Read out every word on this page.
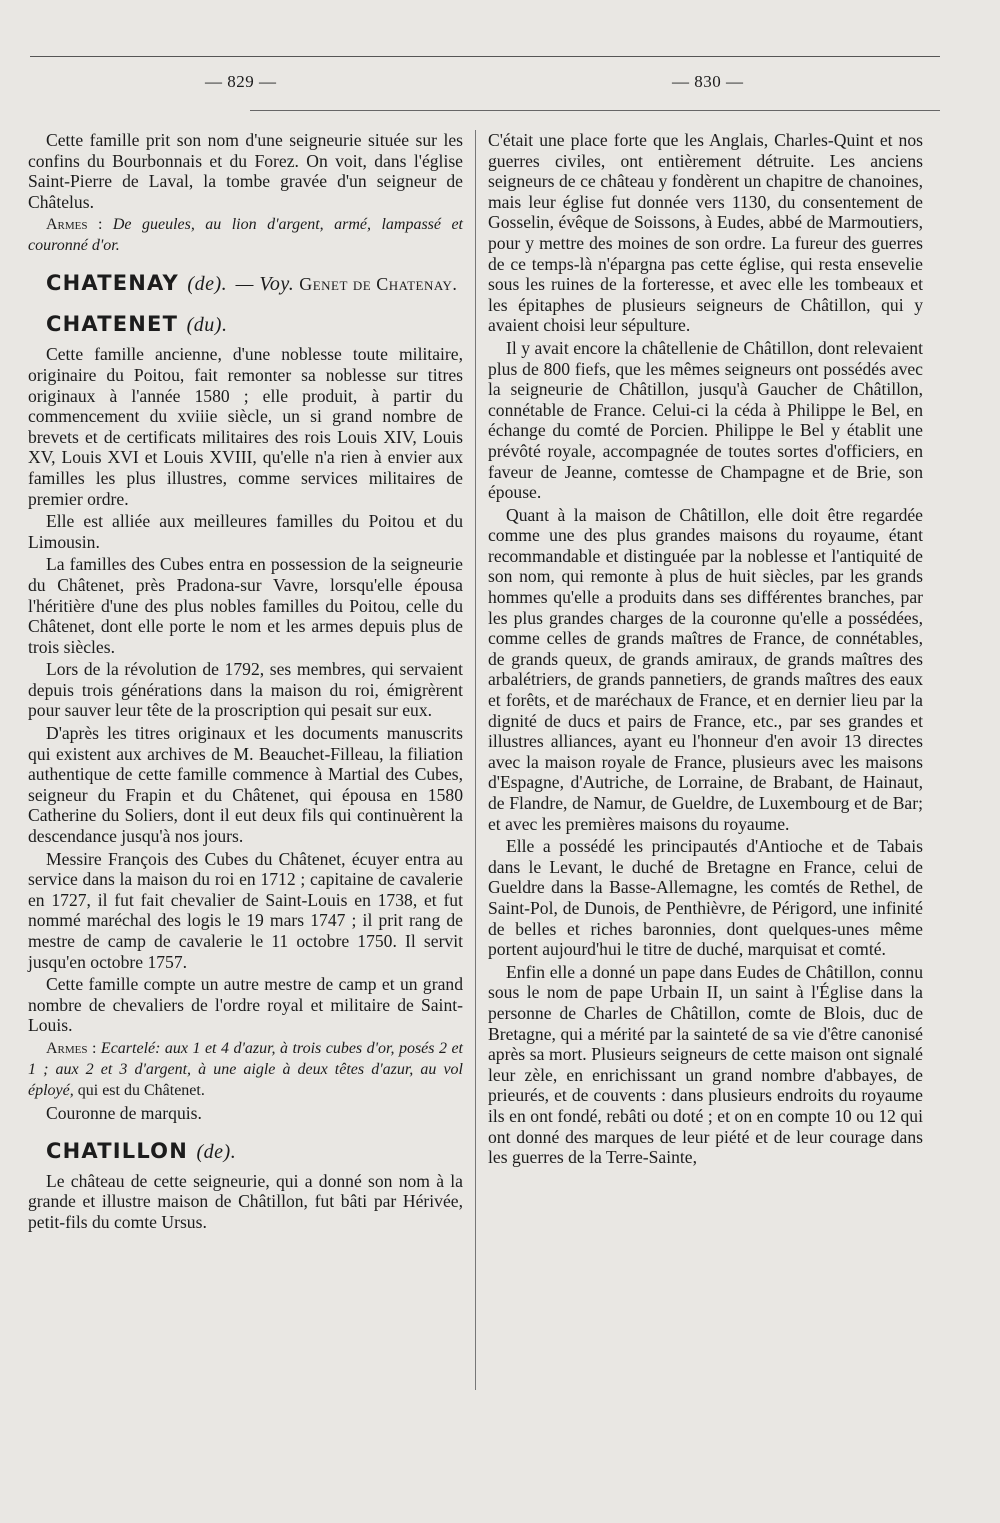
— 829 —	— 830 —

Cette famille prit son nom d'une seigneurie située sur les confins du Bourbonnais et du Forez. On voit, dans l'église Saint-Pierre de Laval, la tombe gravée d'un seigneur de Châtelus.

Armes : De gueules, au lion d'argent, armé, lampassé et couronné d'or.

CHATENAY (de). — Voy. Genet de Chatenay.
CHATENET (du).

Cette famille ancienne, d'une noblesse toute militaire, originaire du Poitou, fait remonter sa noblesse sur titres originaux à l'année 1580 ; elle produit, à partir du commencement du xviiie siècle, un si grand nombre de brevets et de certificats militaires des rois Louis XIV, Louis XV, Louis XVI et Louis XVIII, qu'elle n'a rien à envier aux familles les plus illustres, comme services militaires de premier ordre.

Elle est alliée aux meilleures familles du Poitou et du Limousin.

La familles des Cubes entra en possession de la seigneurie du Châtenet, près Pradona-sur Vavre, lorsqu'elle épousa l'héritière d'une des plus nobles familles du Poitou, celle du Châtenet, dont elle porte le nom et les armes depuis plus de trois siècles.

Lors de la révolution de 1792, ses membres, qui servaient depuis trois générations dans la maison du roi, émigrèrent pour sauver leur tête de la proscription qui pesait sur eux.

D'après les titres originaux et les documents manuscrits qui existent aux archives de M. Beauchet-Filleau, la filiation authentique de cette famille commence à Martial des Cubes, seigneur du Frapin et du Châtenet, qui épousa en 1580 Catherine du Soliers, dont il eut deux fils qui continuèrent la descendance jusqu'à nos jours.

Messire François des Cubes du Châtenet, écuyer entra au service dans la maison du roi en 1712 ; capitaine de cavalerie en 1727, il fut fait chevalier de Saint-Louis en 1738, et fut nommé maréchal des logis le 19 mars 1747 ; il prit rang de mestre de camp de cavalerie le 11 octobre 1750. Il servit jusqu'en octobre 1757.

Cette famille compte un autre mestre de camp et un grand nombre de chevaliers de l'ordre royal et militaire de Saint-Louis.

Armes : Ecartelé: aux 1 et 4 d'azur, à trois cubes d'or, posés 2 et 1 ; aux 2 et 3 d'argent, à une aigle à deux têtes d'azur, au vol éployé, qui est du Châtenet.

Couronne de marquis.

CHATILLON (de).

Le château de cette seigneurie, qui a donné son nom à la grande et illustre maison de Châtillon, fut bâti par Hérivée, petit-fils du comte Ursus.

C'était une place forte que les Anglais, Charles-Quint et nos guerres civiles, ont entièrement détruite. Les anciens seigneurs de ce château y fondèrent un chapitre de chanoines, mais leur église fut donnée vers 1130, du consentement de Gosselin, évêque de Soissons, à Eudes, abbé de Marmoutiers, pour y mettre des moines de son ordre. La fureur des guerres de ce temps-là n'épargna pas cette église, qui resta ensevelie sous les ruines de la forteresse, et avec elle les tombeaux et les épitaphes de plusieurs seigneurs de Châtillon, qui y avaient choisi leur sépulture.

Il y avait encore la châtellenie de Châtillon, dont relevaient plus de 800 fiefs, que les mêmes seigneurs ont possédés avec la seigneurie de Châtillon, jusqu'à Gaucher de Châtillon, connétable de France. Celui-ci la céda à Philippe le Bel, en échange du comté de Porcien. Philippe le Bel y établit une prévôté royale, accompagnée de toutes sortes d'officiers, en faveur de Jeanne, comtesse de Champagne et de Brie, son épouse.

Quant à la maison de Châtillon, elle doit être regardée comme une des plus grandes maisons du royaume, étant recommandable et distinguée par la noblesse et l'antiquité de son nom, qui remonte à plus de huit siècles, par les grands hommes qu'elle a produits dans ses différentes branches, par les plus grandes charges de la couronne qu'elle a possédées, comme celles de grands maîtres de France, de connétables, de grands queux, de grands amiraux, de grands maîtres des arbalétriers, de grands pannetiers, de grands maîtres des eaux et forêts, et de maréchaux de France, et en dernier lieu par la dignité de ducs et pairs de France, etc., par ses grandes et illustres alliances, ayant eu l'honneur d'en avoir 13 directes avec la maison royale de France, plusieurs avec les maisons d'Espagne, d'Autriche, de Lorraine, de Brabant, de Hainaut, de Flandre, de Namur, de Gueldre, de Luxembourg et de Bar; et avec les premières maisons du royaume.

Elle a possédé les principautés d'Antioche et de Tabais dans le Levant, le duché de Bretagne en France, celui de Gueldre dans la Basse-Allemagne, les comtés de Rethel, de Saint-Pol, de Dunois, de Penthièvre, de Périgord, une infinité de belles et riches baronnies, dont quelques-unes même portent aujourd'hui le titre de duché, marquisat et comté.

Enfin elle a donné un pape dans Eudes de Châtillon, connu sous le nom de pape Urbain II, un saint à l'Église dans la personne de Charles de Châtillon, comte de Blois, duc de Bretagne, qui a mérité par la sainteté de sa vie d'être canonisé après sa mort. Plusieurs seigneurs de cette maison ont signalé leur zèle, en enrichissant un grand nombre d'abbayes, de prieurés, et de couvents : dans plusieurs endroits du royaume ils en ont fondé, rebâti ou doté ; et on en compte 10 ou 12 qui ont donné des marques de leur piété et de leur courage dans les guerres de la Terre-Sainte,
